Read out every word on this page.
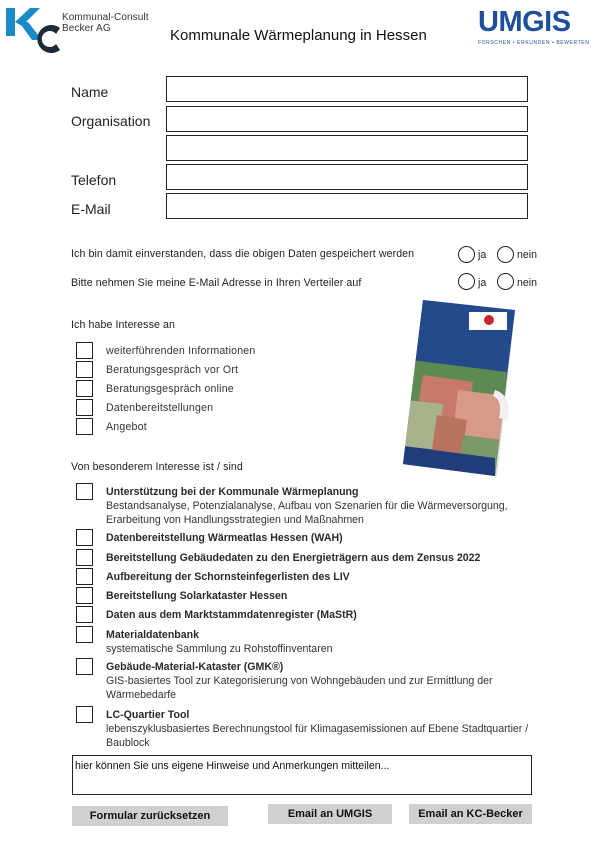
Kommunal-Consult
Becker AG	Kommunale Wärmeplanung in Hessen UMGIS
FORSCHEN • ERKUNDEN • BEWERTEN
Name
Organisation
Telefon
E-Mail
Ich bin damit einverstanden, dass die obigen Daten gespeichert werden	ja	nein
Bitte nehmen Sie meine E-Mail Adresse in Ihren Verteiler auf	ja	nein
Ich habe Interesse an
weiterführenden Informationen
Beratungsgespräch vor Ort
Beratungsgespräch online
Datenbereitstellungen
Angebot
Von besonderem Interesse ist / sind
Unterstützung bei der Kommunale Wärmeplanung
Bestandsanalyse, Potenzialanalyse, Aufbau von Szenarien für die Wärmeversorgung, Erarbeitung von Handlungsstrategien und Maßnahmen
Datenbereitstellung Wärmeatlas Hessen (WAH)
Bereitstellung Gebäudedaten zu den Energieträgern aus dem Zensus 2022
Aufbereitung der Schornsteinfegerlisten des LIV
Bereitstellung Solarkataster Hessen
Daten aus dem Marktstammdatenregister (MaStR)
Materialdatenbank
systematische Sammlung zu Rohstoffinventaren
Gebäude-Material-Kataster (GMK®)
GIS-basiertes Tool zur Kategorisierung von Wohngebäuden und zur Ermittlung der Wärmebedarfe
LC-Quartier Tool
lebenszyklusbasiertes Berechnungstool für Klimagasemissionen auf Ebene Stadtquartier / Baublock
hier können Sie uns eigene Hinweise und Anmerkungen mitteilen...
Formular zurücksetzen	Email an UMGIS	Email an KC-Becker
